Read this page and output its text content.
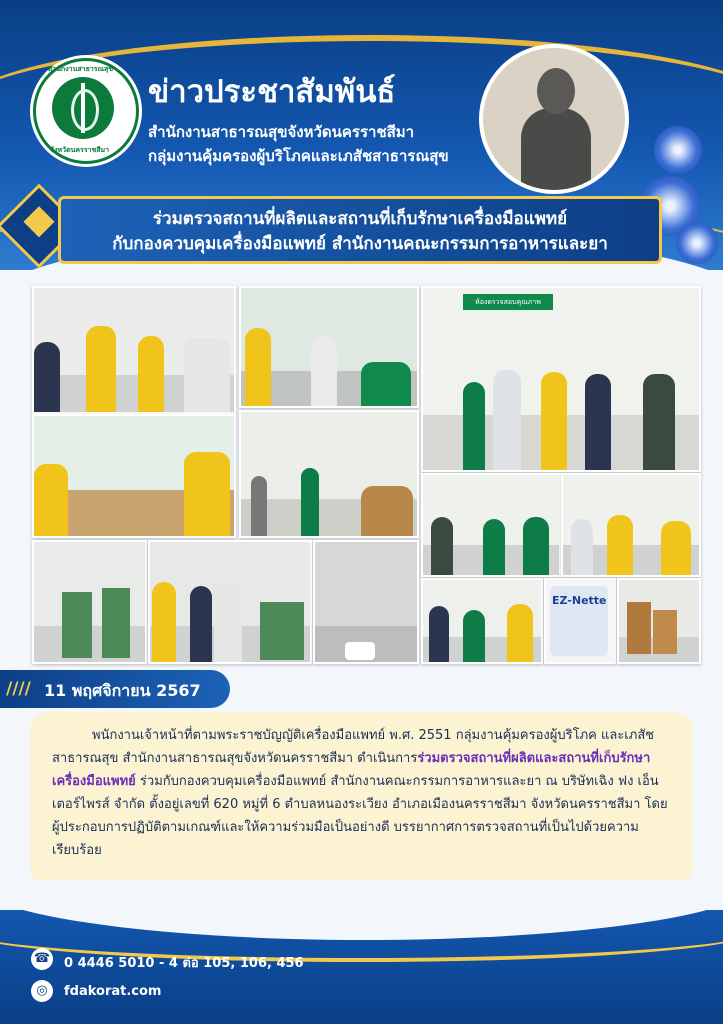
สำนักงานสาธารณสุข
จังหวัดนครราชสีมา
ข่าวประชาสัมพันธ์
สำนักงานสาธารณสุขจังหวัดนครราชสีมา
กลุ่มงานคุ้มครองผู้บริโภคและเภสัชสาธารณสุข
ร่วมตรวจสถานที่ผลิตและสถานที่เก็บรักษาเครื่องมือแพทย์
กับกองควบคุมเครื่องมือแพทย์ สำนักงานคณะกรรมการอาหารและยา
ห้องตรวจสอบคุณภาพ
EZ-Nette
//// 11 พฤศจิกายน 2567
พนักงานเจ้าหน้าที่ตามพระราชบัญญัติเครื่องมือแพทย์ พ.ศ. 2551 กลุ่มงานคุ้มครองผู้บริโภค และเภสัชสาธารณสุข สำนักงานสาธารณสุขจังหวัดนครราชสีมา ดำเนินการร่วมตรวจสถานที่ผลิตและสถานที่เก็บรักษาเครื่องมือแพทย์ ร่วมกับกองควบคุมเครื่องมือแพทย์ สำนักงานคณะกรรมการอาหารและยา ณ บริษัทเฉิง ฟง เอ็นเตอร์ไพรส์ จำกัด ตั้งอยู่เลขที่ 620 หมู่ที่ 6 ตำบลหนองระเวียง อำเภอเมืองนครราชสีมา จังหวัดนครราชสีมา โดยผู้ประกอบการปฏิบัติตามเกณฑ์และให้ความร่วมมือเป็นอย่างดี บรรยากาศการตรวจสถานที่เป็นไปด้วยความเรียบร้อย
☎ 0 4446 5010 - 4 ต่อ 105, 106, 456
◎	fdakorat.com
